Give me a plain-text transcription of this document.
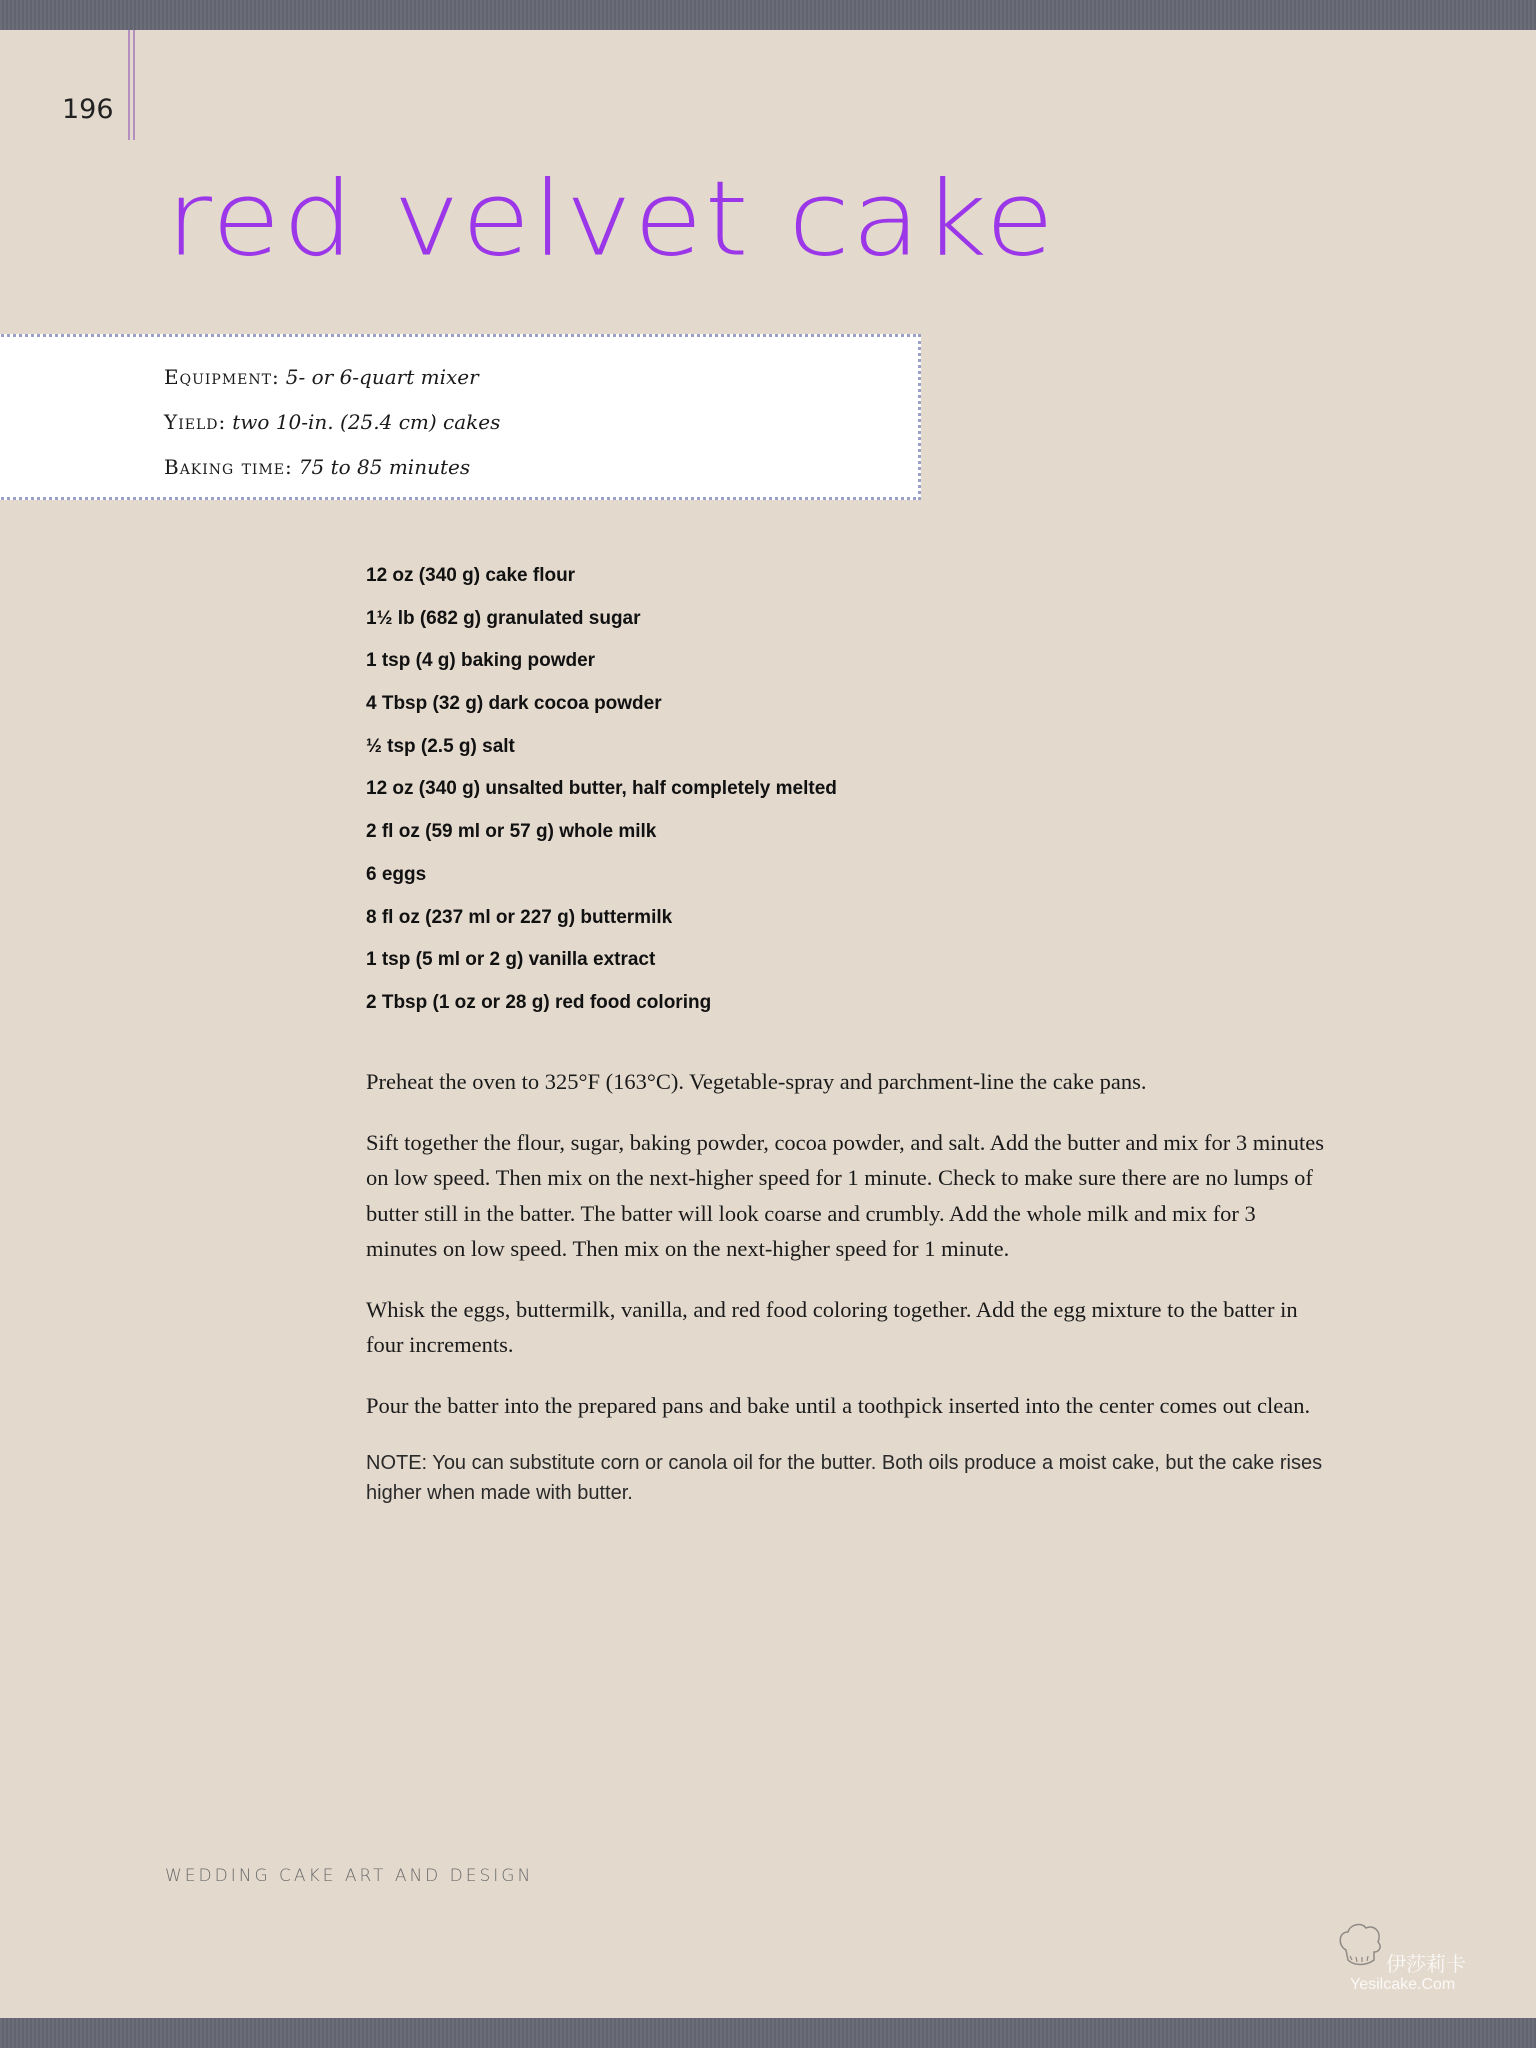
196
red velvet cake
Equipment: 5- or 6-quart mixer
Yield: two 10-in. (25.4 cm) cakes
Baking time: 75 to 85 minutes
12 oz (340 g) cake flour
1½ lb (682 g) granulated sugar
1 tsp (4 g) baking powder
4 Tbsp (32 g) dark cocoa powder
½ tsp (2.5 g) salt
12 oz (340 g) unsalted butter, half completely melted
2 fl oz (59 ml or 57 g) whole milk
6 eggs
8 fl oz (237 ml or 227 g) buttermilk
1 tsp (5 ml or 2 g) vanilla extract
2 Tbsp (1 oz or 28 g) red food coloring

Preheat the oven to 325°F (163°C). Vegetable-spray and parchment-line the cake pans.

Sift together the flour, sugar, baking powder, cocoa powder, and salt. Add the butter and mix for 3 minutes on low speed. Then mix on the next-higher speed for 1 minute. Check to make sure there are no lumps of butter still in the batter. The batter will look coarse and crumbly. Add the whole milk and mix for 3 minutes on low speed. Then mix on the next-higher speed for 1 minute.

Whisk the eggs, buttermilk, vanilla, and red food coloring together. Add the egg mixture to the batter in four increments.

Pour the batter into the prepared pans and bake until a toothpick inserted into the center comes out clean.

NOTE: You can substitute corn or canola oil for the butter. Both oils produce a moist cake, but the cake rises higher when made with butter.

WEDDING CAKE ART AND DESIGN
伊莎莉卡
Yesilcake.Com
